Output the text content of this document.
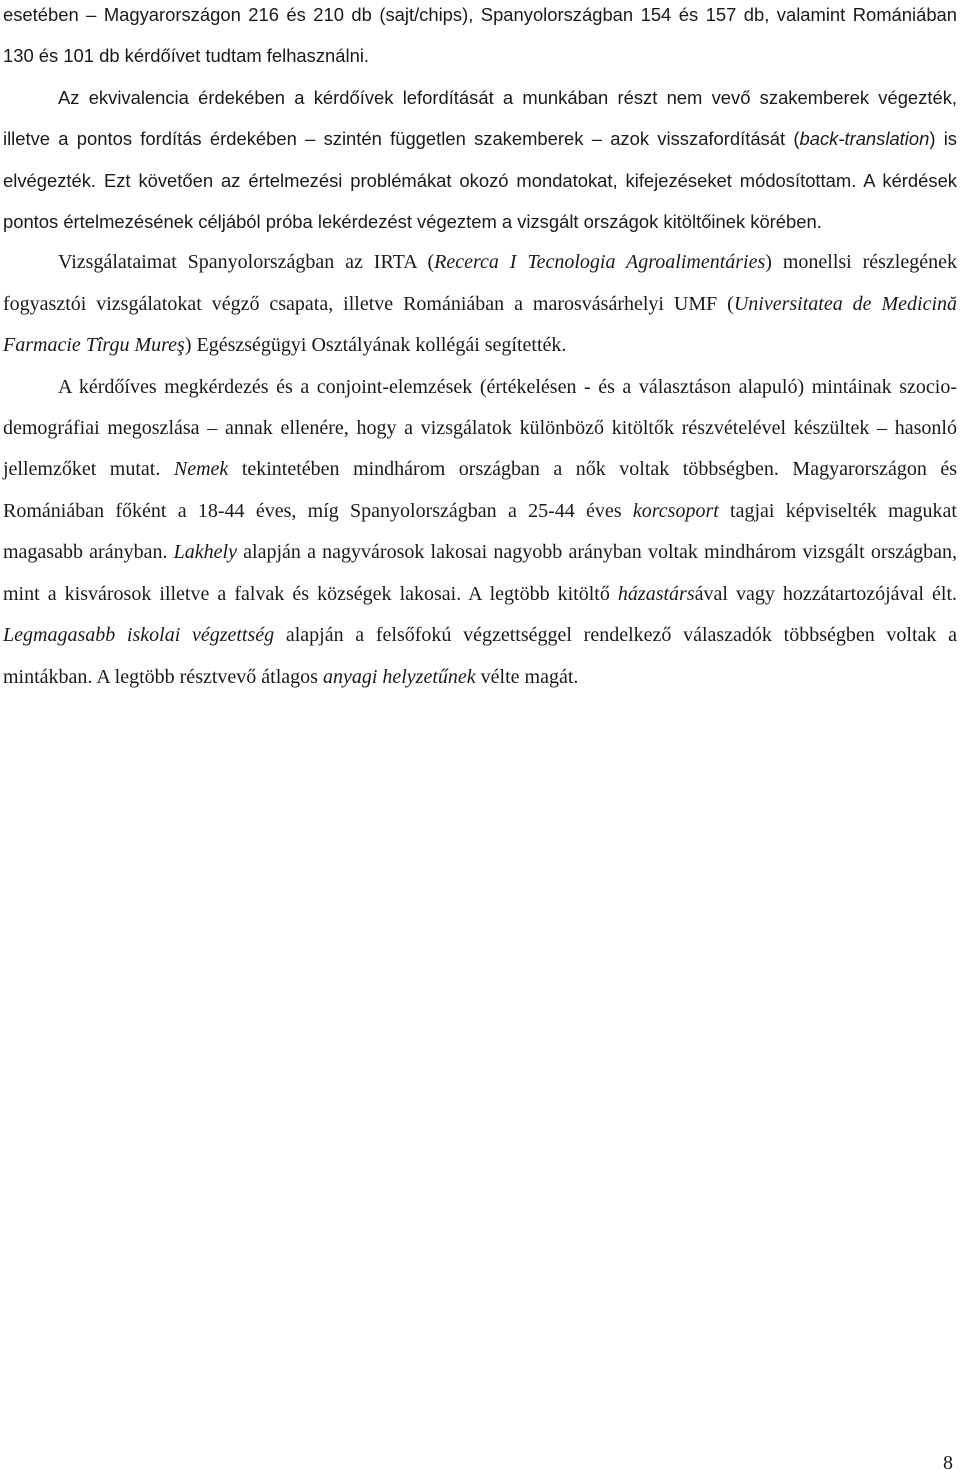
esetében – Magyarországon 216 és 210 db (sajt/chips), Spanyolországban 154 és 157 db, valamint Romániában 130 és 101 db kérdőívet tudtam felhasználni.

Az ekvivalencia érdekében a kérdőívek lefordítását a munkában részt nem vevő szakemberek végezték, illetve a pontos fordítás érdekében – szintén független szakemberek – azok visszafordítását (back-translation) is elvégezték. Ezt követően az értelmezési problémákat okozó mondatokat, kifejezéseket módosítottam. A kérdések pontos értelmezésének céljából próba lekérdezést végeztem a vizsgált országok kitöltőinek körében.

Vizsgálataimat Spanyolországban az IRTA (Recerca I Tecnologia Agroalimentáries) monellsi részlegének fogyasztói vizsgálatokat végző csapata, illetve Romániában a marosvásárhelyi UMF (Universitatea de Medicină Farmacie Tîrgu Mureş) Egészségügyi Osztályának kollégái segítették.

A kérdőíves megkérdezés és a conjoint-elemzések (értékelésen - és a választáson alapuló) mintáinak szocio-demográfiai megoszlása – annak ellenére, hogy a vizsgálatok különböző kitöltők részvételével készültek – hasonló jellemzőket mutat. Nemek tekintetében mindhárom országban a nők voltak többségben. Magyarországon és Romániában főként a 18-44 éves, míg Spanyolországban a 25-44 éves korcsoport tagjai képviselték magukat magasabb arányban. Lakhely alapján a nagyvárosok lakosai nagyobb arányban voltak mindhárom vizsgált országban, mint a kisvárosok illetve a falvak és községek lakosai. A legtöbb kitöltő házastársával vagy hozzátartozójával élt. Legmagasabb iskolai végzettség alapján a felsőfokú végzettséggel rendelkező válaszadók többségben voltak a mintákban. A legtöbb résztvevő átlagos anyagi helyzetűnek vélte magát.

8
